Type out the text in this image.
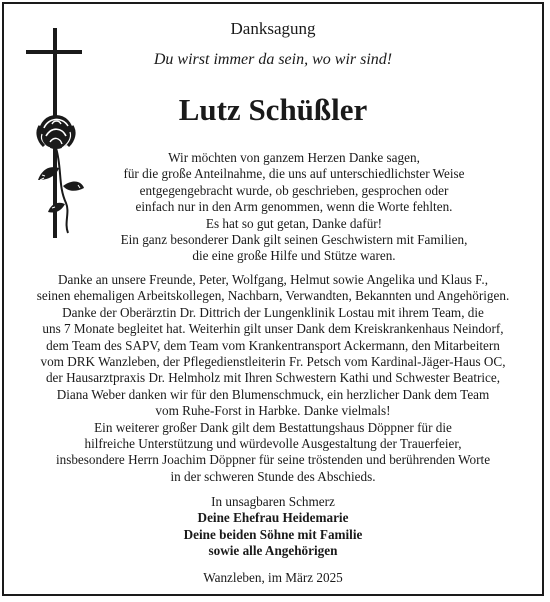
Danksagung
Du wirst immer da sein, wo wir sind!
Lutz Schüßler
Wir möchten von ganzem Herzen Danke sagen,
für die große Anteilnahme, die uns auf unterschiedlichster Weise
entgegengebracht wurde, ob geschrieben, gesprochen oder
einfach nur in den Arm genommen, wenn die Worte fehlten.
Es hat so gut getan, Danke dafür!
Ein ganz besonderer Dank gilt seinen Geschwistern mit Familien,
die eine große Hilfe und Stütze waren.
Danke an unsere Freunde, Peter, Wolfgang, Helmut sowie Angelika und Klaus F.,
seinen ehemaligen Arbeitskollegen, Nachbarn, Verwandten, Bekannten und Angehörigen.
Danke der Oberärztin Dr. Dittrich der Lungenklinik Lostau mit ihrem Team, die
uns 7 Monate begleitet hat. Weiterhin gilt unser Dank dem Kreiskrankenhaus Neindorf,
dem Team des SAPV, dem Team vom Krankentransport Ackermann, den Mitarbeitern
vom DRK Wanzleben, der Pflegedienstleiterin Fr. Petsch vom Kardinal-Jäger-Haus OC,
der Hausarztpraxis Dr. Helmholz mit Ihren Schwestern Kathi und Schwester Beatrice,
Diana Weber danken wir für den Blumenschmuck, ein herzlicher Dank dem Team
vom Ruhe-Forst in Harbke. Danke vielmals!
Ein weiterer großer Dank gilt dem Bestattungshaus Döppner für die
hilfreiche Unterstützung und würdevolle Ausgestaltung der Trauerfeier,
insbesondere Herrn Joachim Döppner für seine tröstenden und berührenden Worte
in der schweren Stunde des Abschieds.
In unsagbaren Schmerz
Deine Ehefrau Heidemarie
Deine beiden Söhne mit Familie
sowie alle Angehörigen
Wanzleben, im März 2025
